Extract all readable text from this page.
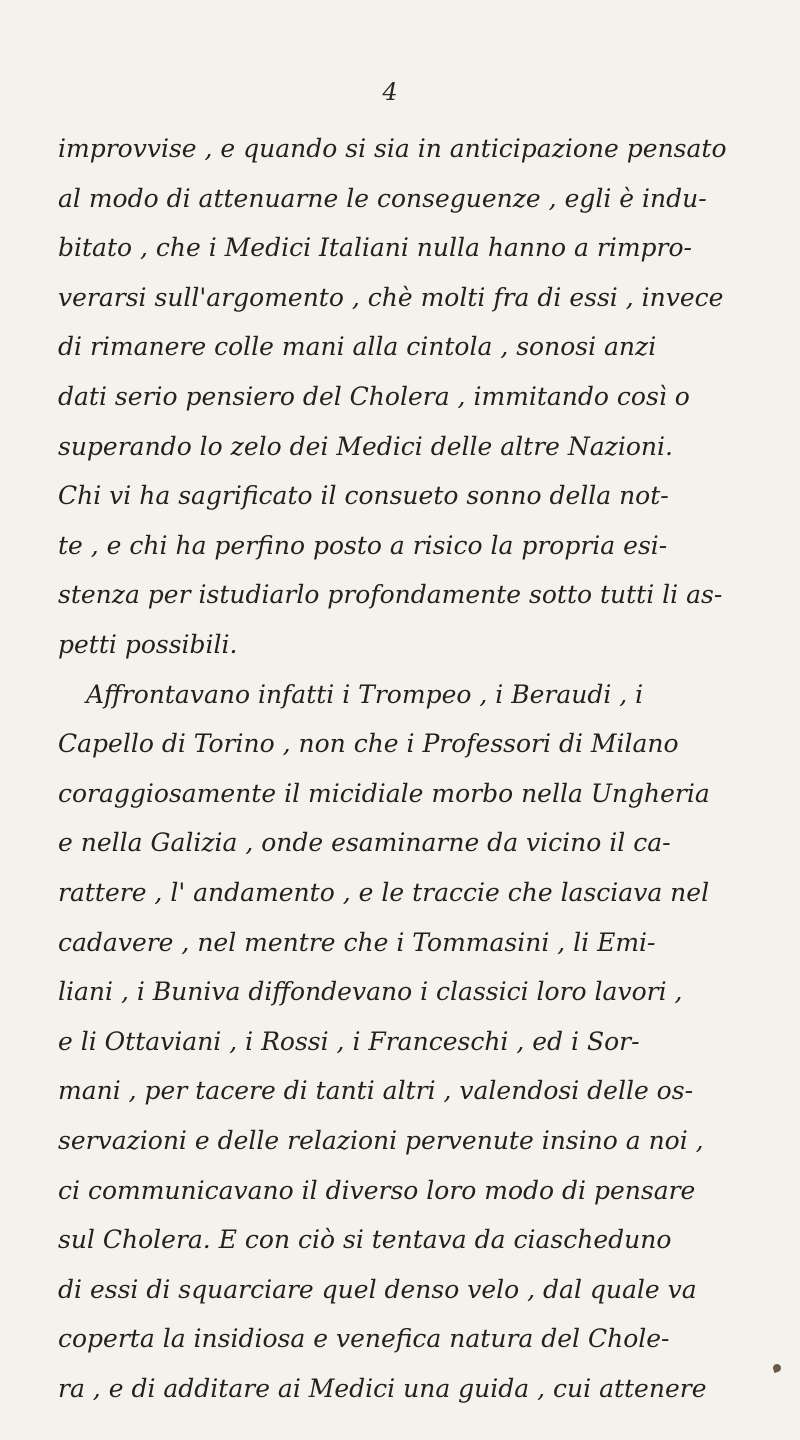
4
improvvise , e quando si sia in anticipazione pensato
al modo di attenuarne le conseguenze , egli è indu-
bitato , che i Medici Italiani nulla hanno a rimpro-
verarsi sull'argomento , chè molti fra di essi , invece
di rimanere colle mani alla cintola , sonosi anzi
dati serio pensiero del Cholera , immitando così o
superando lo zelo dei Medici delle altre Nazioni.
Chi vi ha sagrificato il consueto sonno della not-
te , e chi ha perfino posto a risico la propria esi-
stenza per istudiarlo profondamente sotto tutti li as-
petti possibili.
Affrontavano infatti i Trompeo , i Beraudi , i
Capello di Torino , non che i Professori di Milano
coraggiosamente il micidiale morbo nella Ungheria
e nella Galizia , onde esaminarne da vicino il ca-
rattere , l' andamento , e le traccie che lasciava nel
cadavere , nel mentre che i Tommasini , li Emi-
liani , i Buniva diffondevano i classici loro lavori ,
e li Ottaviani , i Rossi , i Franceschi , ed i Sor-
mani , per tacere di tanti altri , valendosi delle os-
servazioni e delle relazioni pervenute insino a noi ,
ci communicavano il diverso loro modo di pensare
sul Cholera. E con ciò si tentava da ciascheduno
di essi di squarciare quel denso velo , dal quale va
coperta la insidiosa e venefica natura del Chole-
ra , e di additare ai Medici una guida , cui attenere
